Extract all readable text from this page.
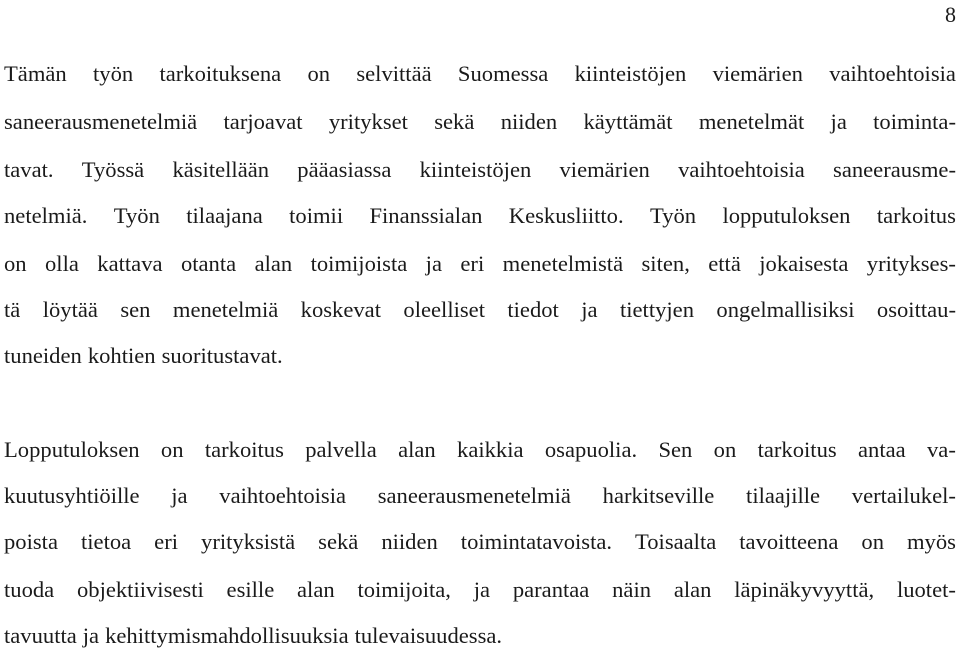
8
Tämän työn tarkoituksena on selvittää Suomessa kiinteistöjen viemärien vaihtoehtoisia
saneerausmenetelmiä tarjoavat yritykset sekä niiden käyttämät menetelmät ja toiminta-
tavat. Työssä käsitellään pääasiassa kiinteistöjen viemärien vaihtoehtoisia saneerausme-
netelmiä. Työn tilaajana toimii Finanssialan Keskusliitto. Työn lopputuloksen tarkoitus
on olla kattava otanta alan toimijoista ja eri menetelmistä siten, että jokaisesta yritykses-
tä löytää sen menetelmiä koskevat oleelliset tiedot ja tiettyjen ongelmallisiksi osoittau-
tuneiden kohtien suoritustavat.
Lopputuloksen on tarkoitus palvella alan kaikkia osapuolia. Sen on tarkoitus antaa va-
kuutusyhtiöille ja vaihtoehtoisia saneerausmenetelmiä harkitseville tilaajille vertailukel-
poista tietoa eri yrityksistä sekä niiden toimintatavoista. Toisaalta tavoitteena on myös
tuoda objektiivisesti esille alan toimijoita, ja parantaa näin alan läpinäkyvyyttä, luotet-
tavuutta ja kehittymismahdollisuuksia tulevaisuudessa.
